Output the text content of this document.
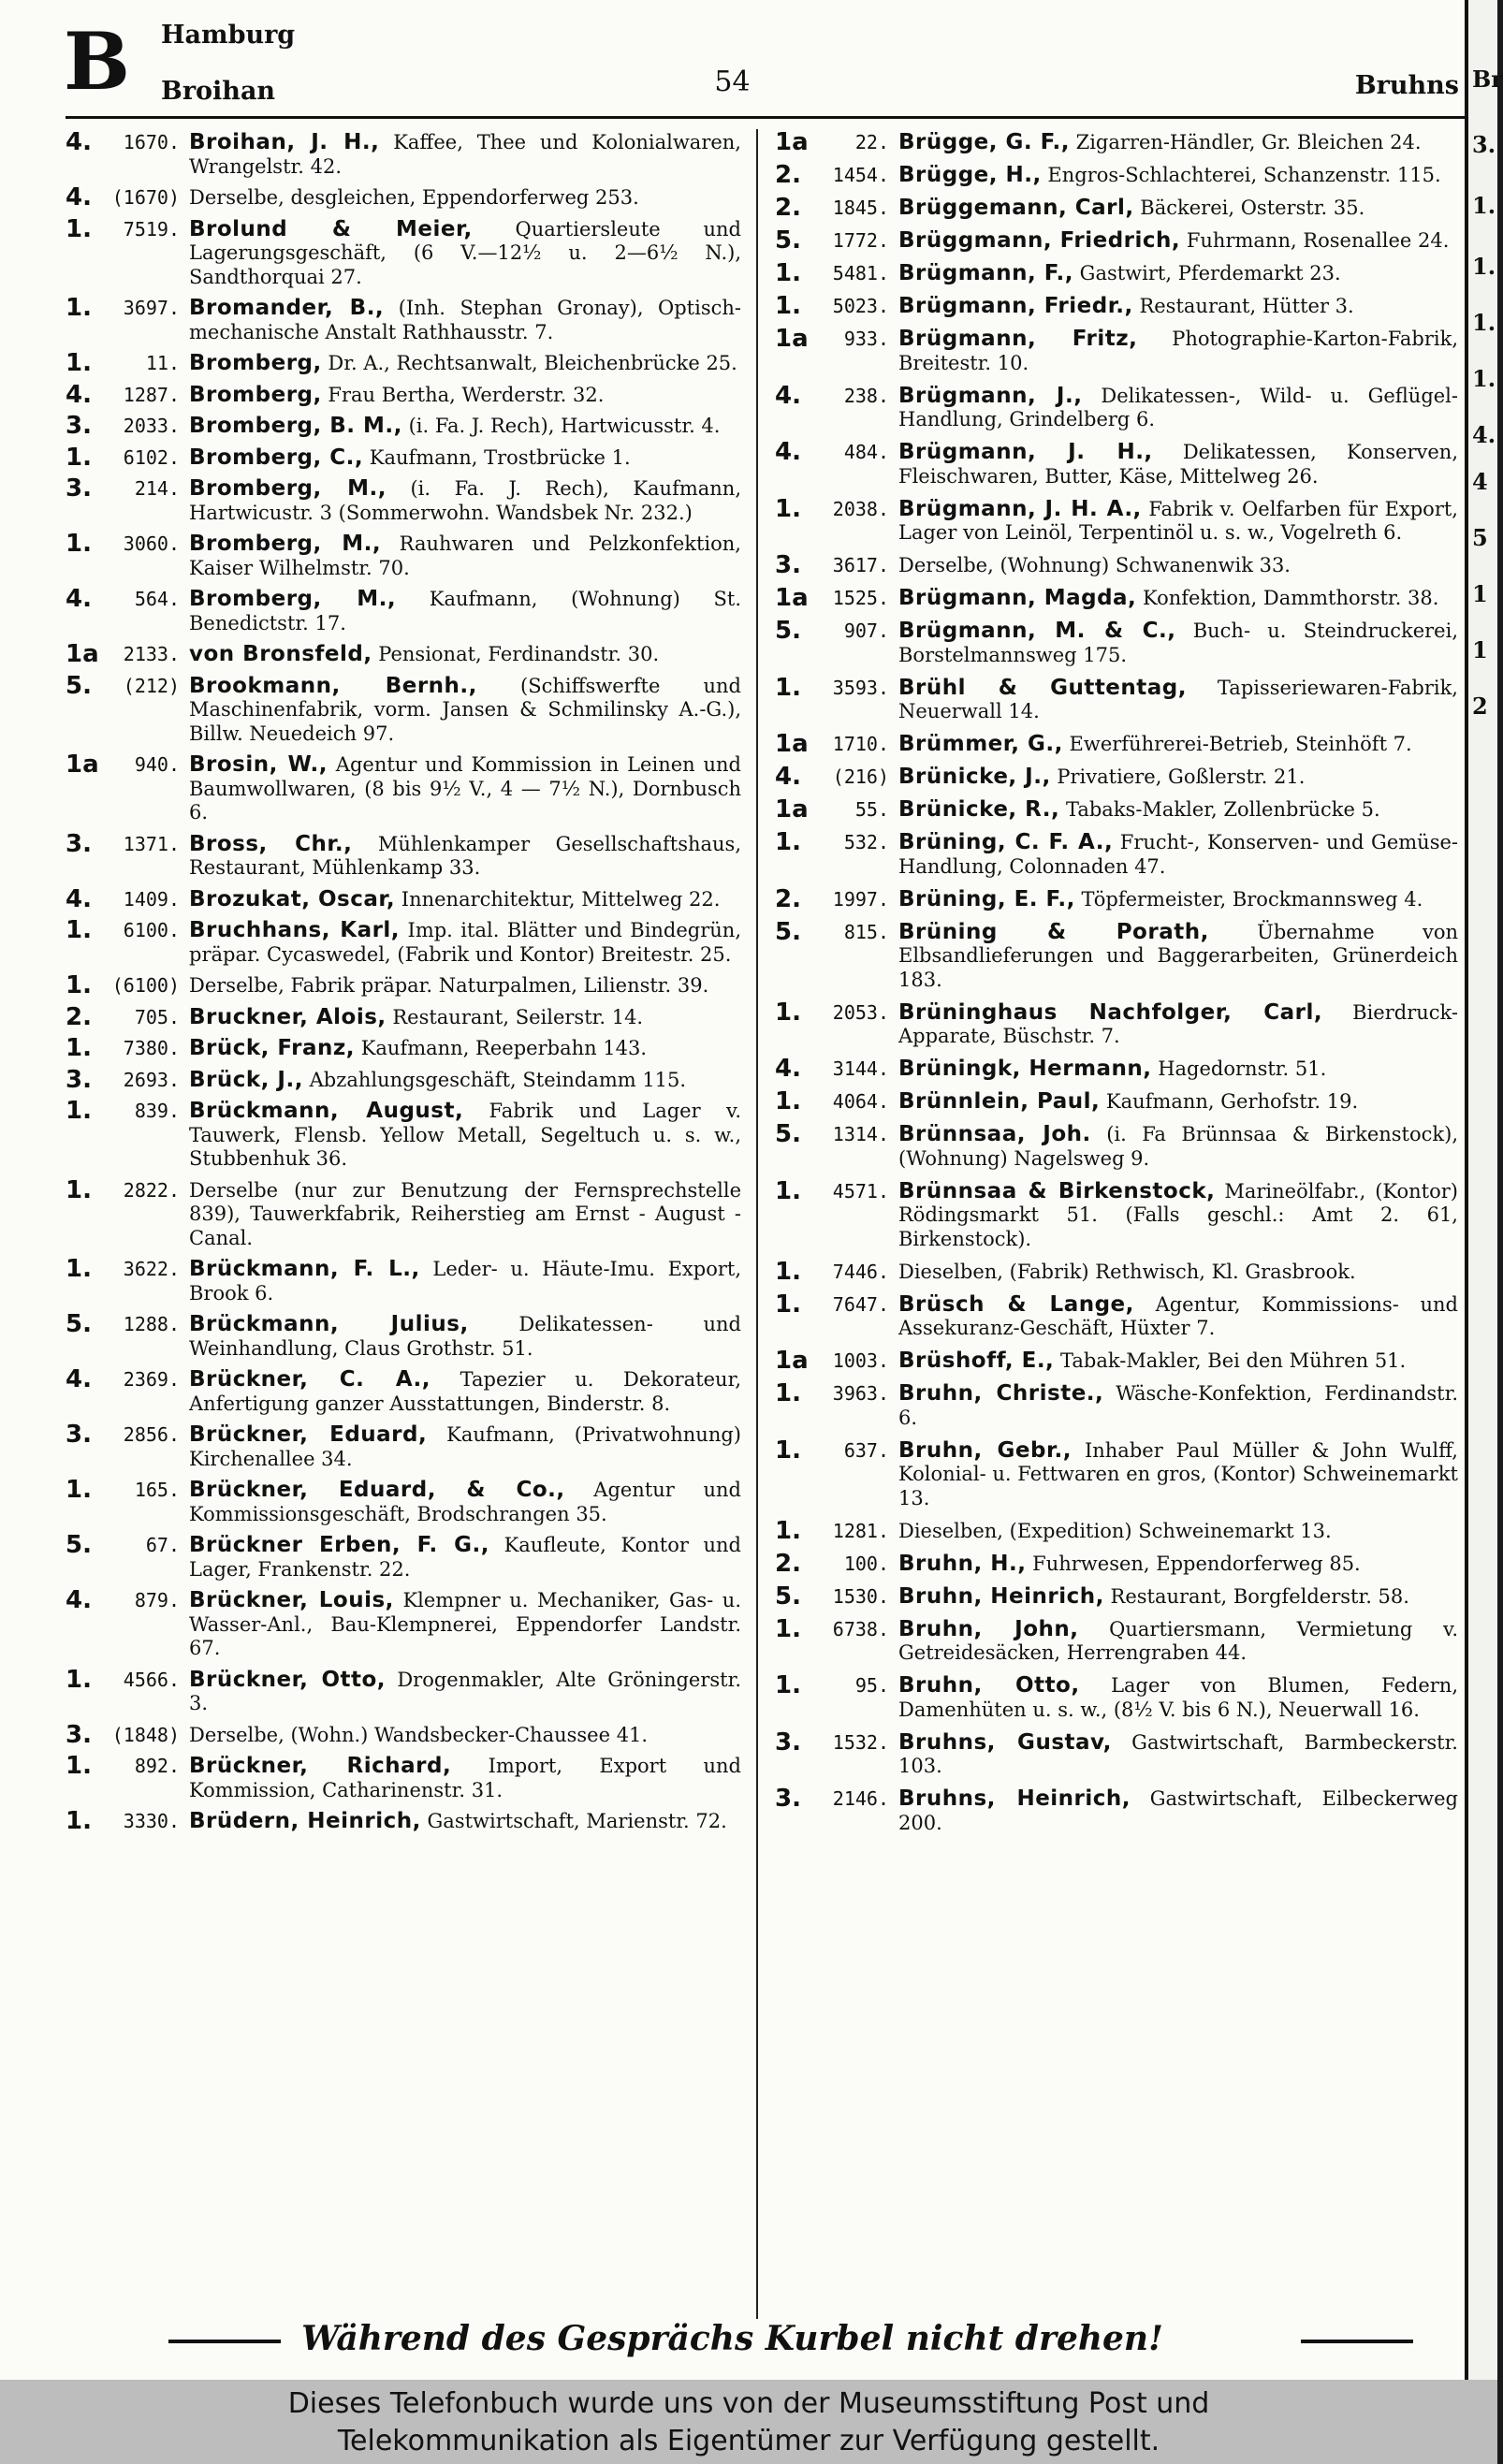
B Hamburg
Broihan	54	Bruhns
4.	1670. Broihan, J. H., Kaffee, Thee und Kolonialwaren, Wrangelstr. 42.
4.	(1670) Derselbe, desgleichen, Eppendorferweg 253.
1.	7519. Brolund & Meier, Quartiersleute und Lagerungsgeschäft, (6 V.—12½ u. 2—6½ N.), Sandthorquai 27.
1.	3697. Bromander, B., (Inh. Stephan Gronay), Optisch-mechanische Anstalt Rathhausstr. 7.
1.	11. Bromberg, Dr. A., Rechtsanwalt, Bleichenbrücke 25.
4.	1287. Bromberg, Frau Bertha, Werderstr. 32.
3.	2033. Bromberg, B. M., (i. Fa. J. Rech), Hartwicusstr. 4.
1.	6102. Bromberg, C., Kaufmann, Trostbrücke 1.
3.	214. Bromberg, M., (i. Fa. J. Rech), Kaufmann, Hartwicustr. 3 (Sommerwohn. Wandsbek Nr. 232.)
1.	3060. Bromberg, M., Rauhwaren und Pelzkonfektion, Kaiser Wilhelmstr. 70.
4.	564. Bromberg, M., Kaufmann, (Wohnung) St. Benedictstr. 17.
1a	2133. von Bronsfeld, Pensionat, Ferdinandstr. 30.
5.	(212) Brookmann, Bernh., (Schiffswerfte und Maschinenfabrik, vorm. Jansen & Schmilinsky A.-G.), Billw. Neuedeich 97.
1a	940. Brosin, W., Agentur und Kommission in Leinen und Baumwollwaren, (8 bis 9½ V., 4 — 7½ N.), Dornbusch 6.
3.	1371. Bross, Chr., Mühlenkamper Gesellschaftshaus, Restaurant, Mühlenkamp 33.
4.	1409. Brozukat, Oscar, Innenarchitektur, Mittelweg 22.
1.	6100. Bruchhans, Karl, Imp. ital. Blätter und Bindegrün, präpar. Cycaswedel, (Fabrik und Kontor) Breitestr. 25.
1.	(6100) Derselbe, Fabrik präpar. Naturpalmen, Lilienstr. 39.
2.	705. Bruckner, Alois, Restaurant, Seilerstr. 14.
1.	7380. Brück, Franz, Kaufmann, Reeperbahn 143.
3.	2693. Brück, J., Abzahlungsgeschäft, Steindamm 115.
1.	839. Brückmann, August, Fabrik und Lager v. Tauwerk, Flensb. Yellow Metall, Segeltuch u. s. w., Stubbenhuk 36.
1.	2822. Derselbe (nur zur Benutzung der Fernsprechstelle 839), Tauwerkfabrik, Reiherstieg am Ernst - August - Canal.
1.	3622. Brückmann, F. L., Leder- u. Häute-Imu. Export, Brook 6.
5.	1288. Brückmann, Julius, Delikatessen- und Weinhandlung, Claus Grothstr. 51.
4.	2369. Brückner, C. A., Tapezier u. Dekorateur, Anfertigung ganzer Ausstattungen, Binderstr. 8.
3.	2856. Brückner, Eduard, Kaufmann, (Privatwohnung) Kirchenallee 34.
1.	165. Brückner, Eduard, & Co., Agentur und Kommissionsgeschäft, Brodschrangen 35.
5.	67. Brückner Erben, F. G., Kaufleute, Kontor und Lager, Frankenstr. 22.
4.	879. Brückner, Louis, Klempner u. Mechaniker, Gas- u. Wasser-Anl., Bau-Klempnerei, Eppendorfer Landstr. 67.
1.	4566. Brückner, Otto, Drogenmakler, Alte Gröningerstr. 3.
3.	(1848) Derselbe, (Wohn.) Wandsbecker-Chaussee 41.
1.	892. Brückner, Richard, Import, Export und Kommission, Catharinenstr. 31.
1.	3330. Brüdern, Heinrich, Gastwirtschaft, Marienstr. 72.
1a	22. Brügge, G. F., Zigarren-Händler, Gr. Bleichen 24.
2.	1454. Brügge, H., Engros-Schlachterei, Schanzenstr. 115.
2.	1845. Brüggemann, Carl, Bäckerei, Osterstr. 35.
5.	1772. Brüggmann, Friedrich, Fuhrmann, Rosenallee 24.
1.	5481. Brügmann, F., Gastwirt, Pferdemarkt 23.
1.	5023. Brügmann, Friedr., Restaurant, Hütter 3.
1a	933. Brügmann, Fritz, Photographie-Karton-Fabrik, Breitestr. 10.
4.	238. Brügmann, J., Delikatessen-, Wild- u. Geflügel-Handlung, Grindelberg 6.
4.	484. Brügmann, J. H., Delikatessen, Konserven, Fleischwaren, Butter, Käse, Mittelweg 26.
1.	2038. Brügmann, J. H. A., Fabrik v. Oelfarben für Export, Lager von Leinöl, Terpentinöl u. s. w., Vogelreth 6.
3.	3617. Derselbe, (Wohnung) Schwanenwik 33.
1a	1525. Brügmann, Magda, Konfektion, Dammthorstr. 38.
5.	907. Brügmann, M. & C., Buch- u. Steindruckerei, Borstelmannsweg 175.
1.	3593. Brühl & Guttentag, Tapisseriewaren-Fabrik, Neuerwall 14.
1a	1710. Brümmer, G., Ewerführerei-Betrieb, Steinhöft 7.
4.	(216) Brünicke, J., Privatiere, Goßlerstr. 21.
1a	55. Brünicke, R., Tabaks-Makler, Zollenbrücke 5.
1.	532. Brüning, C. F. A., Frucht-, Konserven- und Gemüse-Handlung, Colonnaden 47.
2.	1997. Brüning, E. F., Töpfermeister, Brockmannsweg 4.
5.	815. Brüning & Porath, Übernahme von Elbsandlieferungen und Baggerarbeiten, Grünerdeich 183.
1.	2053. Brüninghaus Nachfolger, Carl, Bierdruck-Apparate, Büschstr. 7.
4.	3144. Brüningk, Hermann, Hagedornstr. 51.
1.	4064. Brünnlein, Paul, Kaufmann, Gerhofstr. 19.
5.	1314. Brünnsaa, Joh. (i. Fa Brünnsaa & Birkenstock), (Wohnung) Nagelsweg 9.
1.	4571. Brünnsaa & Birkenstock, Marineölfabr., (Kontor) Rödingsmarkt 51. (Falls geschl.: Amt 2. 61, Birkenstock).
1.	7446. Dieselben, (Fabrik) Rethwisch, Kl. Grasbrook.
1.	7647. Brüsch & Lange, Agentur, Kommissions- und Assekuranz-Geschäft, Hüxter 7.
1a	1003. Brüshoff, E., Tabak-Makler, Bei den Mühren 51.
1.	3963. Bruhn, Christe., Wäsche-Konfektion, Ferdinandstr. 6.
1.	637. Bruhn, Gebr., Inhaber Paul Müller & John Wulff, Kolonial- u. Fettwaren en gros, (Kontor) Schweinemarkt 13.
1.	1281. Dieselben, (Expedition) Schweinemarkt 13.
2.	100. Bruhn, H., Fuhrwesen, Eppendorferweg 85.
5.	1530. Bruhn, Heinrich, Restaurant, Borgfelderstr. 58.
1.	6738. Bruhn, John, Quartiersmann, Vermietung v. Getreidesäcken, Herrengraben 44.
1.	95. Bruhn, Otto, Lager von Blumen, Federn, Damenhüten u. s. w., (8½ V. bis 6 N.), Neuerwall 16.
3.	1532. Bruhns, Gustav, Gastwirtschaft, Barmbeckerstr. 103.
3.	2146. Bruhns, Heinrich, Gastwirtschaft, Eilbeckerweg 200.
Während des Gesprächs Kurbel nicht drehen!
Br
3.
1.
1.
1.
1.
4.
4
5
1
1
2
Dieses Telefonbuch wurde uns von der Museumsstiftung Post und
Telekommunikation als Eigentümer zur Verfügung gestellt.
